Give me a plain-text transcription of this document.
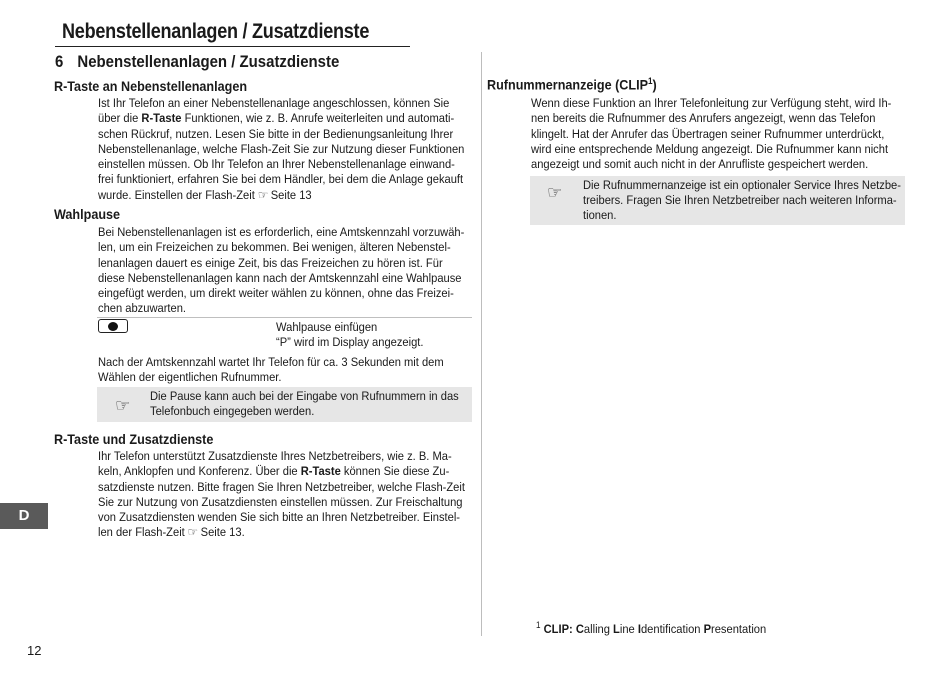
Nebenstellenanlagen / Zusatzdienste
6 Nebenstellenanlagen / Zusatzdienste
R-Taste an Nebenstellenanlagen
Ist Ihr Telefon an einer Nebenstellenanlage angeschlossen, können Sie
über die R-Taste Funktionen, wie z. B. Anrufe weiterleiten und automati-
schen Rückruf, nutzen. Lesen Sie bitte in der Bedienungsanleitung Ihrer
Nebenstellenanlage, welche Flash-Zeit Sie zur Nutzung dieser Funktionen
einstellen müssen. Ob Ihr Telefon an Ihrer Nebenstellenanlage einwand-
frei funktioniert, erfahren Sie bei dem Händler, bei dem die Anlage gekauft
wurde. Einstellen der Flash-Zeit ☞ Seite 13
Wahlpause
Bei Nebenstellenanlagen ist es erforderlich, eine Amtskennzahl vorzuwäh-
len, um ein Freizeichen zu bekommen. Bei wenigen, älteren Nebenstel-
lenanlagen dauert es einige Zeit, bis das Freizeichen zu hören ist. Für
diese Nebenstellenanlagen kann nach der Amtskennzahl eine Wahlpause
eingefügt werden, um direkt weiter wählen zu können, ohne das Freizei-
chen abzuwarten.
Wahlpause einfügen
“P” wird im Display angezeigt.
Nach der Amtskennzahl wartet Ihr Telefon für ca. 3 Sekunden mit dem
Wählen der eigentlichen Rufnummer.
☞ Die Pause kann auch bei der Eingabe von Rufnummern in das
Telefonbuch eingegeben werden.
R-Taste und Zusatzdienste
Ihr Telefon unterstützt Zusatzdienste Ihres Netzbetreibers, wie z. B. Ma-
keln, Anklopfen und Konferenz. Über die R-Taste können Sie diese Zu-
satzdienste nutzen. Bitte fragen Sie Ihren Netzbetreiber, welche Flash-Zeit
Sie zur Nutzung von Zusatzdiensten einstellen müssen. Zur Freischaltung
von Zusatzdiensten wenden Sie sich bitte an Ihren Netzbetreiber. Einstel-
len der Flash-Zeit ☞ Seite 13.
Rufnummernanzeige (CLIP$^1$)
Wenn diese Funktion an Ihrer Telefonleitung zur Verfügung steht, wird Ih-
nen bereits die Rufnummer des Anrufers angezeigt, wenn das Telefon
klingelt. Hat der Anrufer das Übertragen seiner Rufnummer unterdrückt,
wird eine entsprechende Meldung angezeigt. Die Rufnummer kann nicht
angezeigt und somit auch nicht in der Anrufliste gespeichert werden.
☞ Die Rufnummernanzeige ist ein optionaler Service Ihres Netzbe-
treibers. Fragen Sie Ihren Netzbetreiber nach weiteren Informa-
tionen.
$^1$ CLIP: Calling Line Identification Presentation
D
12
